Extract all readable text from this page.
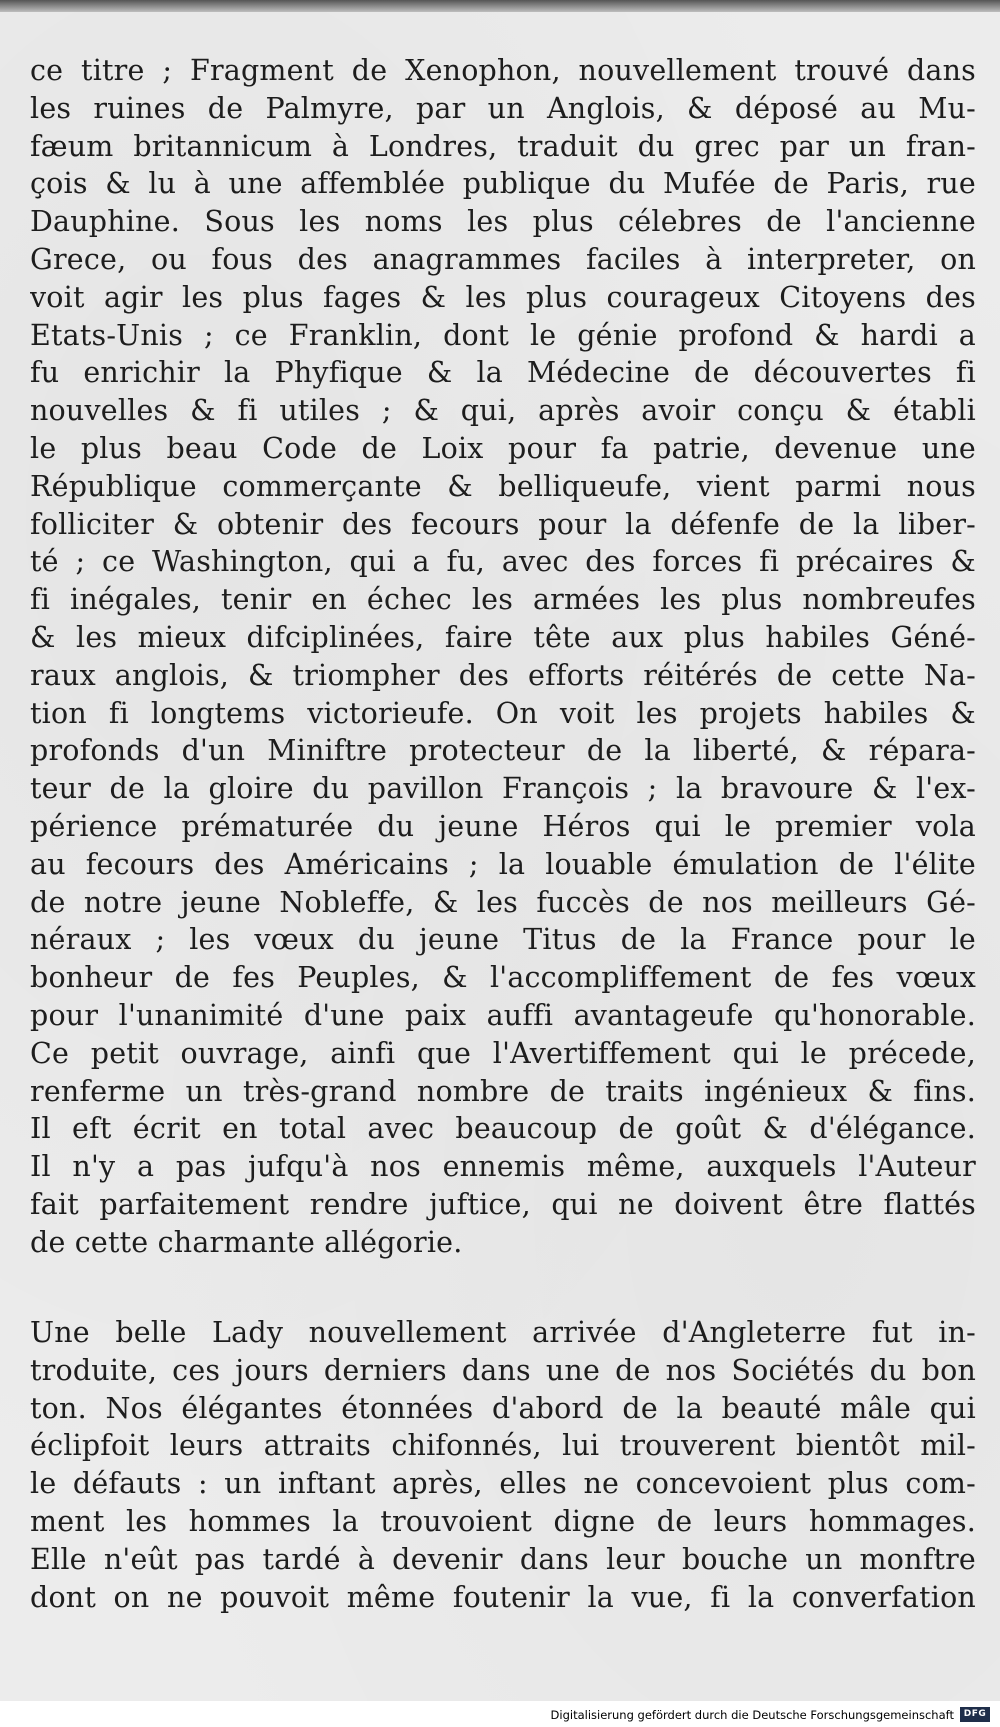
ce titre ; Fragment de Xenophon, nouvellement trouvé dans
les ruines de Palmyre, par un Anglois, & déposé au Mu-
fæum britannicum à Londres, traduit du grec par un fran-
çois & lu à une affemblée publique du Mufée de Paris, rue
Dauphine. Sous les noms les plus célebres de l'ancienne
Grece, ou fous des anagrammes faciles à interpreter, on
voit agir les plus fages & les plus courageux Citoyens des
Etats-Unis ; ce Franklin, dont le génie profond & hardi a
fu enrichir la Phyfique & la Médecine de découvertes fi
nouvelles & fi utiles ; & qui, après avoir conçu & établi
le plus beau Code de Loix pour fa patrie, devenue une
République commerçante & belliqueufe, vient parmi nous
folliciter & obtenir des fecours pour la défenfe de la liber-
té ; ce Washington, qui a fu, avec des forces fi précaires &
fi inégales, tenir en échec les armées les plus nombreufes
& les mieux difciplinées, faire tête aux plus habiles Géné-
raux anglois, & triompher des efforts réitérés de cette Na-
tion fi longtems victorieufe. On voit les projets habiles &
profonds d'un Miniftre protecteur de la liberté, & répara-
teur de la gloire du pavillon François ; la bravoure & l'ex-
périence prématurée du jeune Héros qui le premier vola
au fecours des Américains ; la louable émulation de l'élite
de notre jeune Nobleffe, & les fuccès de nos meilleurs Gé-
néraux ; les vœux du jeune Titus de la France pour le
bonheur de fes Peuples, & l'accompliffement de fes vœux
pour l'unanimité d'une paix auffi avantageufe qu'honorable.
Ce petit ouvrage, ainfi que l'Avertiffement qui le précede,
renferme un très-grand nombre de traits ingénieux & fins.
Il eft écrit en total avec beaucoup de goût & d'élégance.
Il n'y a pas jufqu'à nos ennemis même, auxquels l'Auteur
fait parfaitement rendre juftice, qui ne doivent être flattés
de cette charmante allégorie.
Une belle Lady nouvellement arrivée d'Angleterre fut in-
troduite, ces jours derniers dans une de nos Sociétés du bon
ton. Nos élégantes étonnées d'abord de la beauté mâle qui
éclipfoit leurs attraits chifonnés, lui trouverent bientôt mil-
le défauts : un inftant après, elles ne concevoient plus com-
ment les hommes la trouvoient digne de leurs hommages.
Elle n'eût pas tardé à devenir dans leur bouche un monftre
dont on ne pouvoit même foutenir la vue, fi la converfation
Digitalisierung gefördert durch die Deutsche Forschungsgemeinschaft	DFG
